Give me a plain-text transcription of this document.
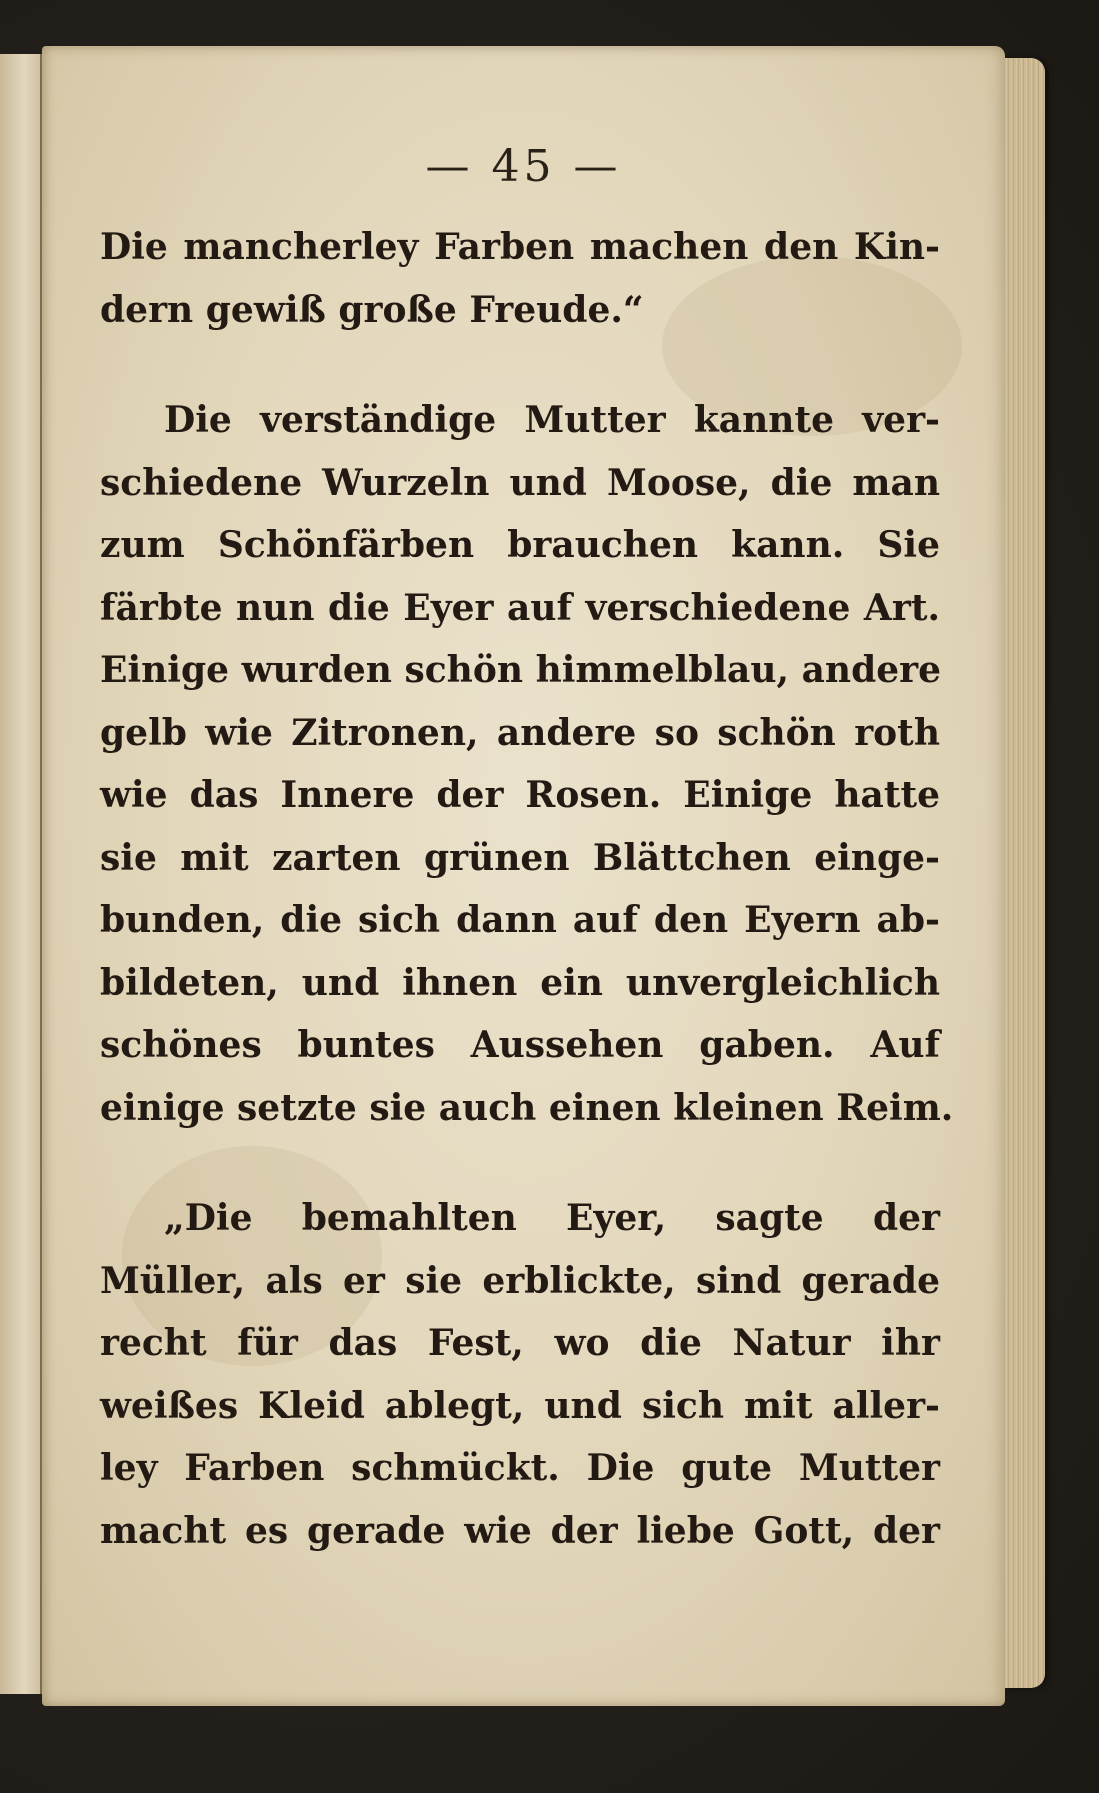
— 45 —

Die mancherley Farben machen den Kin-
dern gewiß große Freude.“

Die verständige Mutter kannte ver-
schiedene Wurzeln und Moose, die man
zum Schönfärben brauchen kann. Sie
färbte nun die Eyer auf verschiedene Art.
Einige wurden schön himmelblau, andere
gelb wie Zitronen, andere so schön roth
wie das Innere der Rosen. Einige hatte
sie mit zarten grünen Blättchen einge-
bunden, die sich dann auf den Eyern ab-
bildeten, und ihnen ein unvergleichlich
schönes buntes Aussehen gaben. Auf
einige setzte sie auch einen kleinen Reim.

„Die bemahlten Eyer, sagte der
Müller, als er sie erblickte, sind gerade
recht für das Fest, wo die Natur ihr
weißes Kleid ablegt, und sich mit aller-
ley Farben schmückt. Die gute Mutter
macht es gerade wie der liebe Gott, der
